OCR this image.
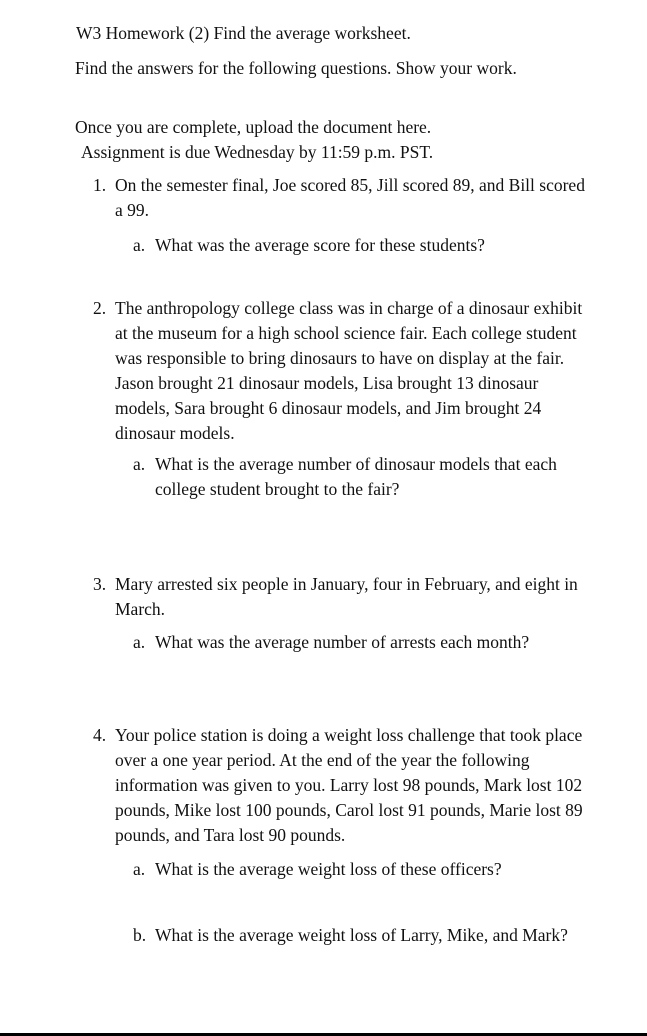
W3 Homework (2) Find the average worksheet.

Find the answers for the following questions. Show your work.

Once you are complete, upload the document here.

Assignment is due Wednesday by 11:59 p.m. PST.

1. On the semester final, Joe scored 85, Jill scored 89, and Bill scored a 99.
a. What was the average score for these students?
2. The anthropology college class was in charge of a dinosaur exhibit at the museum for a high school science fair. Each college student was responsible to bring dinosaurs to have on display at the fair. Jason brought 21 dinosaur models, Lisa brought 13 dinosaur models, Sara brought 6 dinosaur models, and Jim brought 24 dinosaur models.
a. What is the average number of dinosaur models that each college student brought to the fair?
3. Mary arrested six people in January, four in February, and eight in March.
a. What was the average number of arrests each month?
4. Your police station is doing a weight loss challenge that took place over a one year period. At the end of the year the following information was given to you. Larry lost 98 pounds, Mark lost 102 pounds, Mike lost 100 pounds, Carol lost 91 pounds, Marie lost 89 pounds, and Tara lost 90 pounds.
a. What is the average weight loss of these officers?
b. What is the average weight loss of Larry, Mike, and Mark?
